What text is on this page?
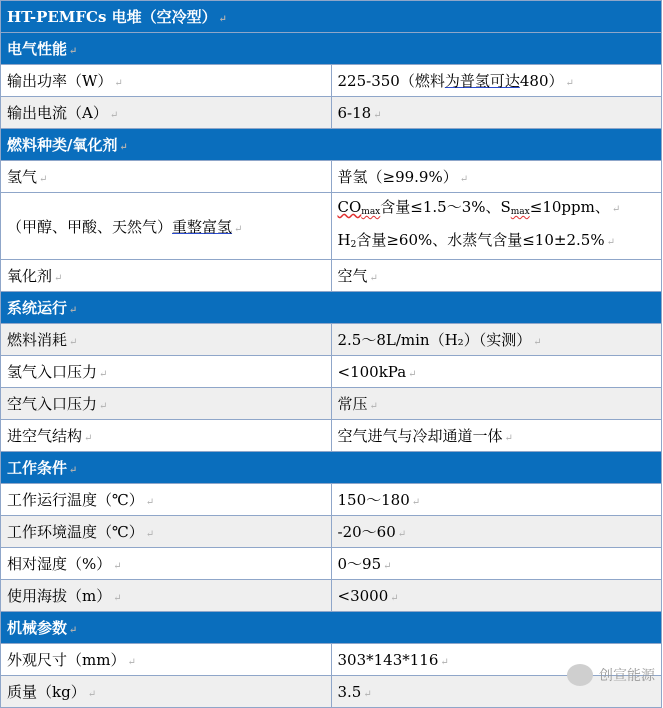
HT-PEMFCs 电堆（空冷型） ↵	
电气性能 ↵	
输出功率（W） ↵	225-350（燃料为普氢可达480） ↵
输出电流（A） ↵	6-18 ↵
燃料种类/氧化剂 ↵	
氢气 ↵	普氢（≥99.9%） ↵
（甲醇、甲酸、天然气）重整富氢 ↵	$CO_{max}$含量≤1.5～3%、$S_{max}\le 10ppm$、 ↵
$H_2$含量≥60%、水蒸气含量≤10±2.5% ↵

氧化剂 ↵	空气 ↵
系统运行 ↵	
燃料消耗 ↵	2.5～8L/min（H₂）（实测） ↵
氢气入口压力 ↵	<100kPa ↵
空气入口压力 ↵	常压 ↵
进空气结构 ↵	空气进气与冷却通道一体 ↵
工作条件 ↵	
工作运行温度（℃） ↵	150～180 ↵
工作环境温度（℃） ↵	-20～60 ↵
相对湿度（%） ↵	0～95 ↵
使用海拔（m） ↵	<3000 ↵
机械参数 ↵	
外观尺寸（mm） ↵	303*143*116 ↵
质量（kg） ↵	3.5 ↵
创宣能源
